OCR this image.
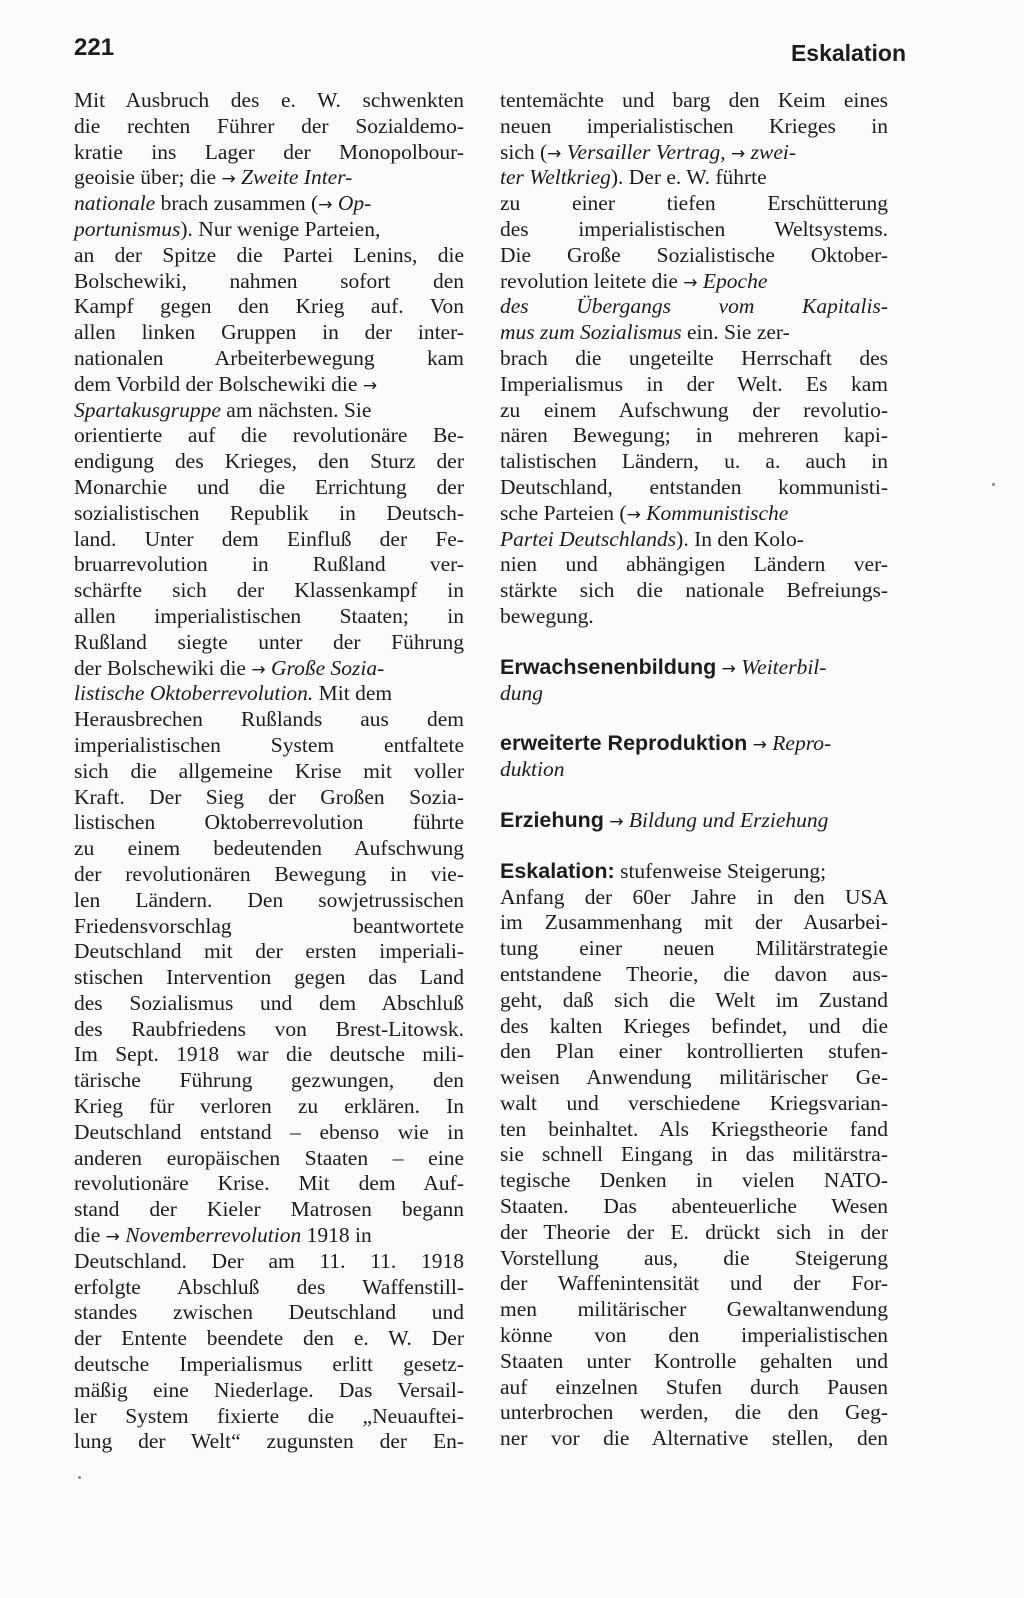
221	Eskalation
Mit Ausbruch des e. W. schwenkten
die rechten Führer der Sozialdemo-
kratie ins Lager der Monopolbour-
geoisie über; die → Zweite Inter-
nationale brach zusammen (→ Op-
portunismus). Nur wenige Parteien,
an der Spitze die Partei Lenins, die
Bolschewiki, nahmen sofort den
Kampf gegen den Krieg auf. Von
allen linken Gruppen in der inter-
nationalen Arbeiterbewegung kam
dem Vorbild der Bolschewiki die →
Spartakusgruppe am nächsten. Sie
orientierte auf die revolutionäre Be-
endigung des Krieges, den Sturz der
Monarchie und die Errichtung der
sozialistischen Republik in Deutsch-
land. Unter dem Einfluß der Fe-
bruarrevolution in Rußland ver-
schärfte sich der Klassenkampf in
allen imperialistischen Staaten; in
Rußland siegte unter der Führung
der Bolschewiki die → Große Sozia-
listische Oktoberrevolution. Mit dem
Herausbrechen Rußlands aus dem
imperialistischen System entfaltete
sich die allgemeine Krise mit voller
Kraft. Der Sieg der Großen Sozia-
listischen Oktoberrevolution führte
zu einem bedeutenden Aufschwung
der revolutionären Bewegung in vie-
len Ländern. Den sowjetrussischen
Friedensvorschlag beantwortete
Deutschland mit der ersten imperiali-
stischen Intervention gegen das Land
des Sozialismus und dem Abschluß
des Raubfriedens von Brest-Litowsk.
Im Sept. 1918 war die deutsche mili-
tärische Führung gezwungen, den
Krieg für verloren zu erklären. In
Deutschland entstand – ebenso wie in
anderen europäischen Staaten – eine
revolutionäre Krise. Mit dem Auf-
stand der Kieler Matrosen begann
die → Novemberrevolution 1918 in
Deutschland. Der am 11. 11. 1918
erfolgte Abschluß des Waffenstill-
standes zwischen Deutschland und
der Entente beendete den e. W. Der
deutsche Imperialismus erlitt gesetz-
mäßig eine Niederlage. Das Versail-
ler System fixierte die „Neuauftei-
lung der Welt“ zugunsten der En-
tentemächte und barg den Keim eines
neuen imperialistischen Krieges in
sich (→ Versailler Vertrag, → zwei-
ter Weltkrieg). Der e. W. führte
zu einer tiefen Erschütterung
des imperialistischen Weltsystems.
Die Große Sozialistische Oktober-
revolution leitete die → Epoche
des Übergangs vom Kapitalis-
mus zum Sozialismus ein. Sie zer-
brach die ungeteilte Herrschaft des
Imperialismus in der Welt. Es kam
zu einem Aufschwung der revolutio-
nären Bewegung; in mehreren kapi-
talistischen Ländern, u. a. auch in
Deutschland, entstanden kommunisti-
sche Parteien (→ Kommunistische
Partei Deutschlands). In den Kolo-
nien und abhängigen Ländern ver-
stärkte sich die nationale Befreiungs-
bewegung.
Erwachsenenbildung → Weiterbil-
dung
erweiterte Reproduktion → Repro-
duktion
Erziehung → Bildung und Erziehung
Eskalation: stufenweise Steigerung;
Anfang der 60er Jahre in den USA
im Zusammenhang mit der Ausarbei-
tung einer neuen Militärstrategie
entstandene Theorie, die davon aus-
geht, daß sich die Welt im Zustand
des kalten Krieges befindet, und die
den Plan einer kontrollierten stufen-
weisen Anwendung militärischer Ge-
walt und verschiedene Kriegsvarian-
ten beinhaltet. Als Kriegstheorie fand
sie schnell Eingang in das militärstra-
tegische Denken in vielen NATO-
Staaten. Das abenteuerliche Wesen
der Theorie der E. drückt sich in der
Vorstellung aus, die Steigerung
der Waffenintensität und der For-
men militärischer Gewaltanwendung
könne von den imperialistischen
Staaten unter Kontrolle gehalten und
auf einzelnen Stufen durch Pausen
unterbrochen werden, die den Geg-
ner vor die Alternative stellen, den
